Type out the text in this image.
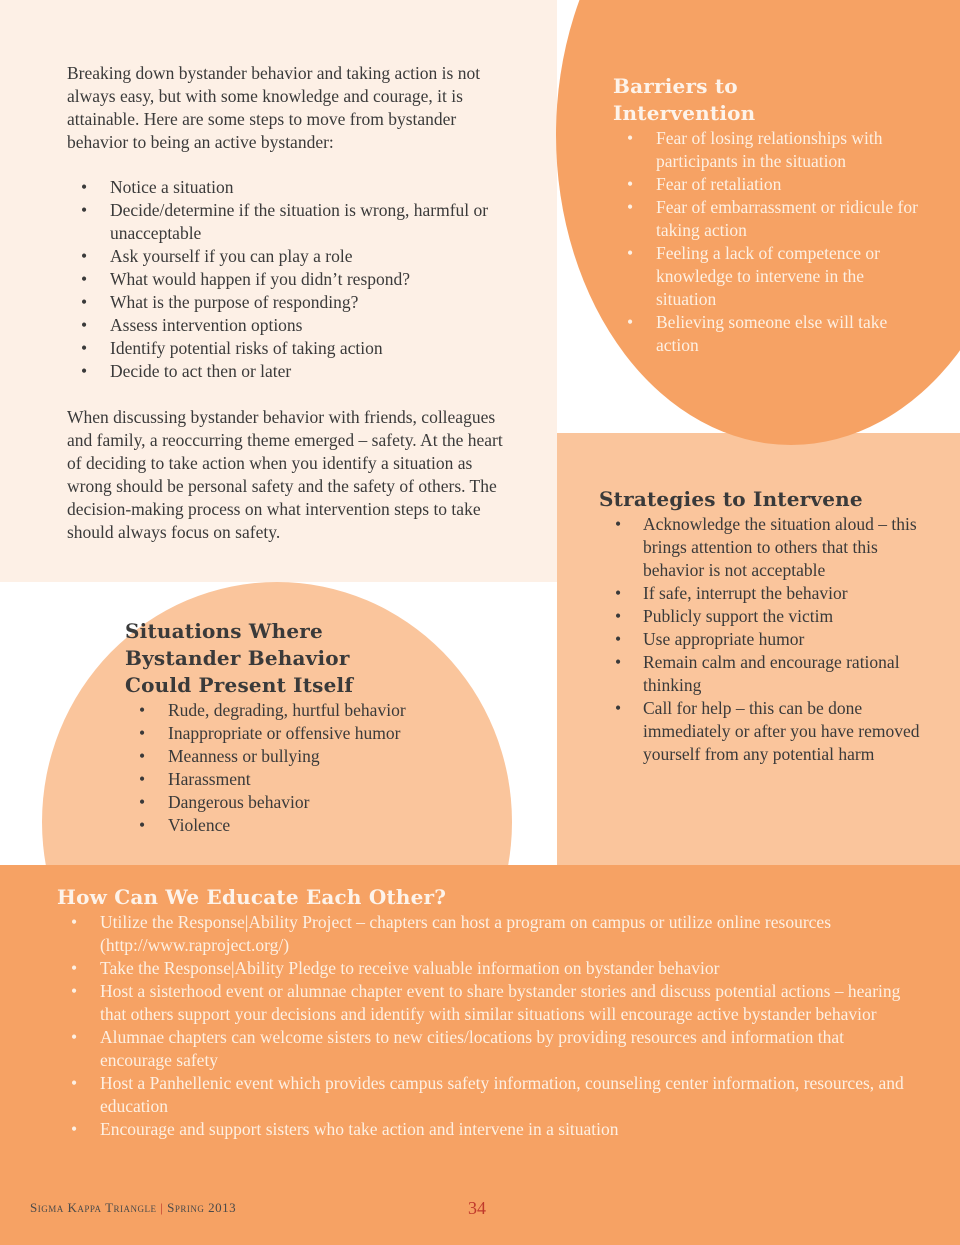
Breaking down bystander behavior and taking action is not always easy, but with some knowledge and courage, it is attainable. Here are some steps to move from bystander behavior to being an active bystander:

• Notice a situation
• Decide/determine if the situation is wrong, harmful or unacceptable
• Ask yourself if you can play a role
• What would happen if you didn’t respond?
• What is the purpose of responding?
• Assess intervention options
• Identify potential risks of taking action
• Decide to act then or later

When discussing bystander behavior with friends, colleagues and family, a reoccurring theme emerged – safety. At the heart of deciding to take action when you identify a situation as wrong should be personal safety and the safety of others. The decision-making process on what intervention steps to take should always focus on safety.

Barriers to
Intervention
• Fear of losing relationships with participants in the situation
• Fear of retaliation
• Fear of embarrassment or ridicule for taking action
• Feeling a lack of competence or knowledge to intervene in the situation
• Believing someone else will take action
Strategies to Intervene
• Acknowledge the situation aloud – this brings attention to others that this behavior is not acceptable
• If safe, interrupt the behavior
• Publicly support the victim
• Use appropriate humor
• Remain calm and encourage rational thinking
• Call for help – this can be done immediately or after you have removed yourself from any potential harm
Situations Where
Bystander Behavior
Could Present Itself
• Rude, degrading, hurtful behavior
• Inappropriate or offensive humor
• Meanness or bullying
• Harassment
• Dangerous behavior
• Violence
How Can We Educate Each Other?
• Utilize the Response|Ability Project – chapters can host a program on campus or utilize online resources (http://www.raproject.org/)
• Take the Response|Ability Pledge to receive valuable information on bystander behavior
• Host a sisterhood event or alumnae chapter event to share bystander stories and discuss potential actions – hearing that others support your decisions and identify with similar situations will encourage active bystander behavior
• Alumnae chapters can welcome sisters to new cities/locations by providing resources and information that encourage safety
• Host a Panhellenic event which provides campus safety information, counseling center information, resources, and education
• Encourage and support sisters who take action and intervene in a situation
Sigma Kappa Triangle | Spring 2013	34
